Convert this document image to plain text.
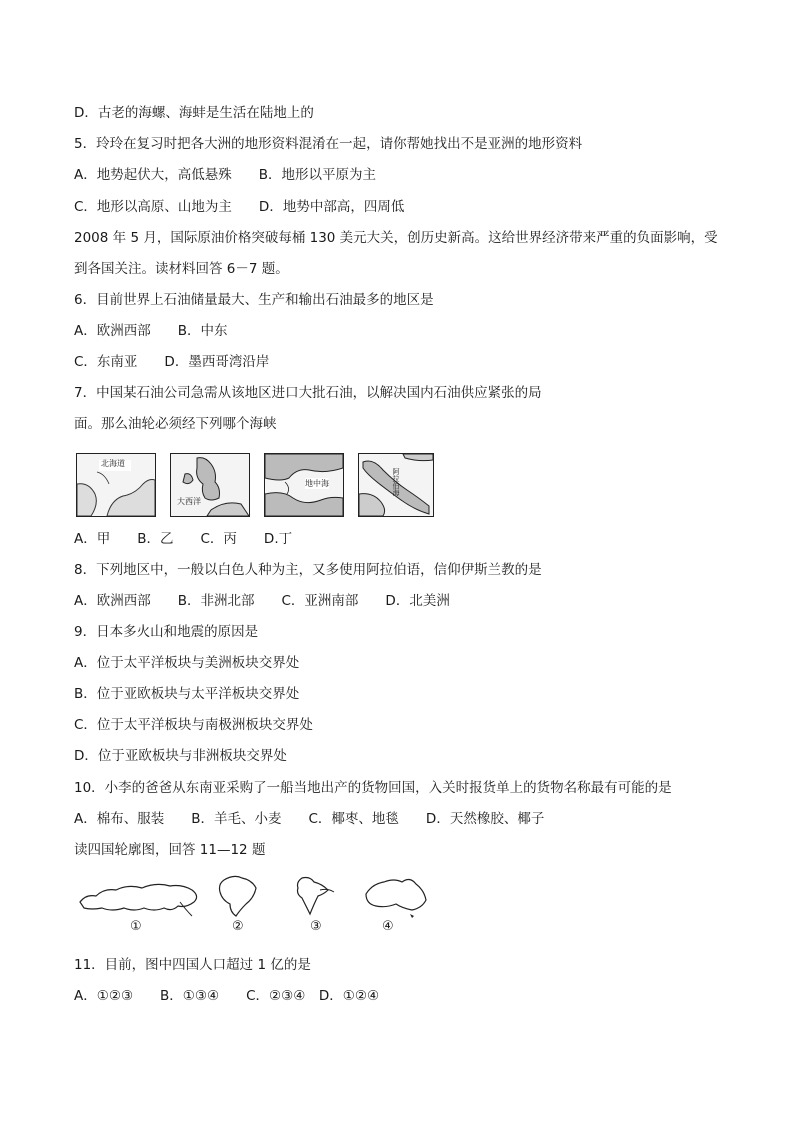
D．古老的海螺、海蚌是生活在陆地上的
5．玲玲在复习时把各大洲的地形资料混淆在一起，请你帮她找出不是亚洲的地形资料
A．地势起伏大，高低悬殊　　B．地形以平原为主
C．地形以高原、山地为主　　D．地势中部高，四周低
2008 年 5 月，国际原油价格突破每桶 130 美元大关，创历史新高。这给世界经济带来严重的负面影响，受
到各国关注。读材料回答 6－7 题。
6．目前世界上石油储量最大、生产和输出石油最多的地区是
A．欧洲西部　　B．中东
C．东南亚　　D．墨西哥湾沿岸
7．中国某石油公司急需从该地区进口大批石油，以解决国内石油供应紧张的局
面。那么油轮必须经下列哪个海峡
北海道
大西洋
地中海	阿拉伯海
A．甲　　B．乙　　C．丙　　D.丁
8．下列地区中，一般以白色人种为主，又多使用阿拉伯语，信仰伊斯兰教的是
A．欧洲西部　　B．非洲北部　　C．亚洲南部　　D．北美洲
9．日本多火山和地震的原因是
A．位于太平洋板块与美洲板块交界处
B．位于亚欧板块与太平洋板块交界处
C．位于太平洋板块与南极洲板块交界处
D．位于亚欧板块与非洲板块交界处
10．小李的爸爸从东南亚采购了一船当地出产的货物回国，入关时报货单上的货物名称最有可能的是
A．棉布、服装　　B．羊毛、小麦　　C．椰枣、地毯　　D．天然橡胶、椰子
读四国轮廓图，回答 11—12 题
①	②	③	④
11．目前，图中四国人口超过 1 亿的是
A．①②③　　B．①③④　　C．②③④　D．①②④
